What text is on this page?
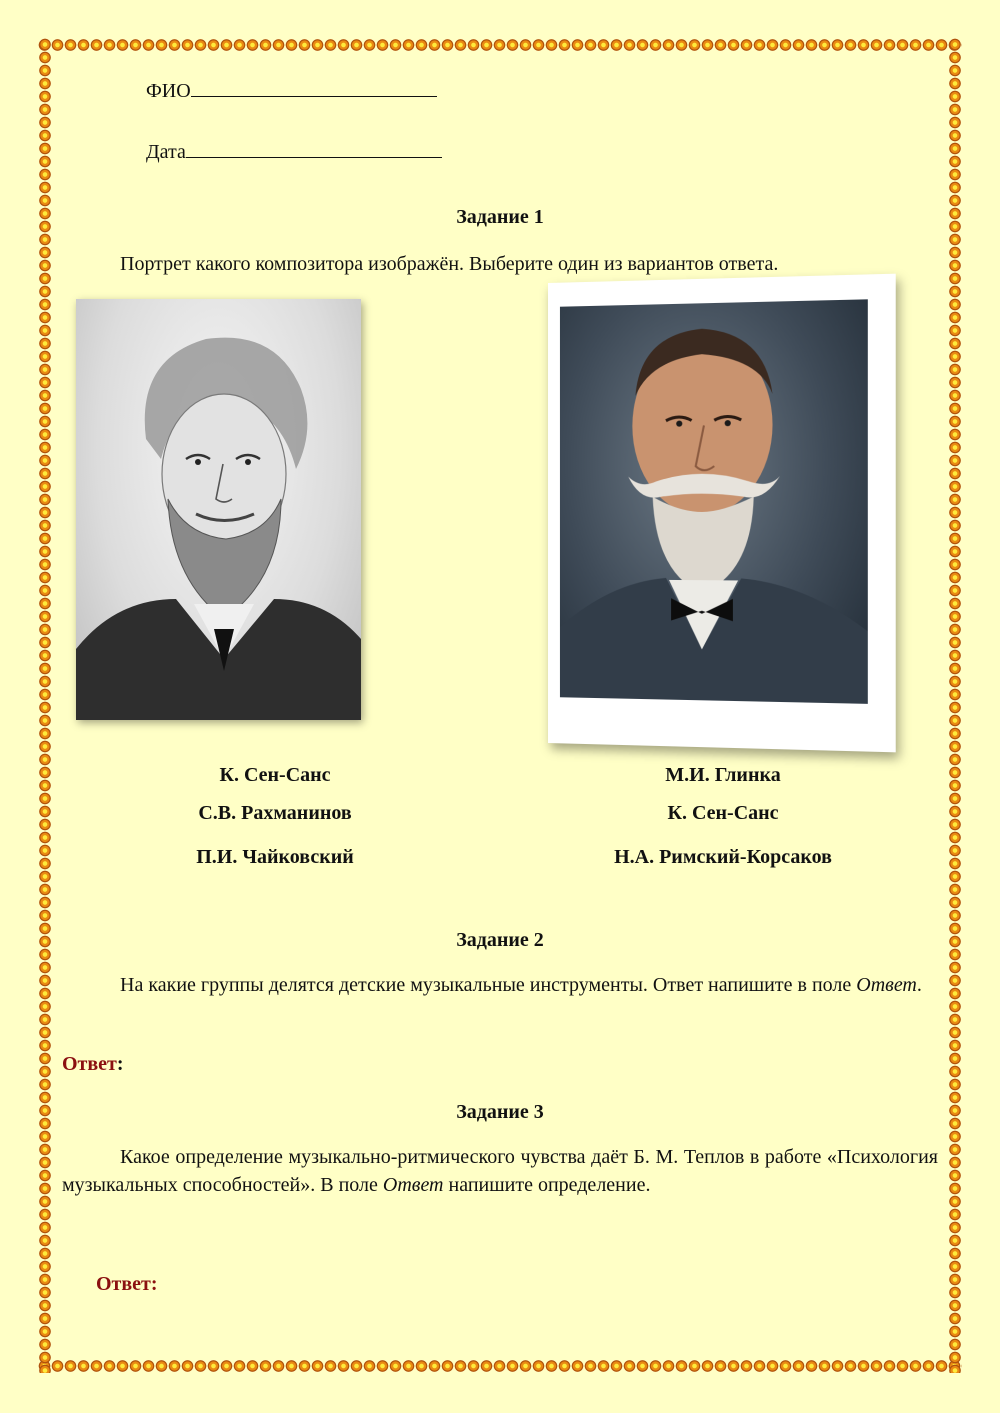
ФИО
Дата
Задание 1
Портрет какого композитора изображён. Выберите один из вариантов ответа.
К. Сен-Санс
С.В. Рахманинов
П.И. Чайковский
М.И. Глинка
К. Сен-Санс
Н.А. Римский-Корсаков
Задание 2
На какие группы делятся детские музыкальные инструменты. Ответ напишите в поле Ответ.
Ответ:
Задание 3
Какое определение музыкально-ритмического чувства даёт Б. М. Теплов в работе «Психология музыкальных способностей». В поле Ответ напишите определение.
Ответ:
